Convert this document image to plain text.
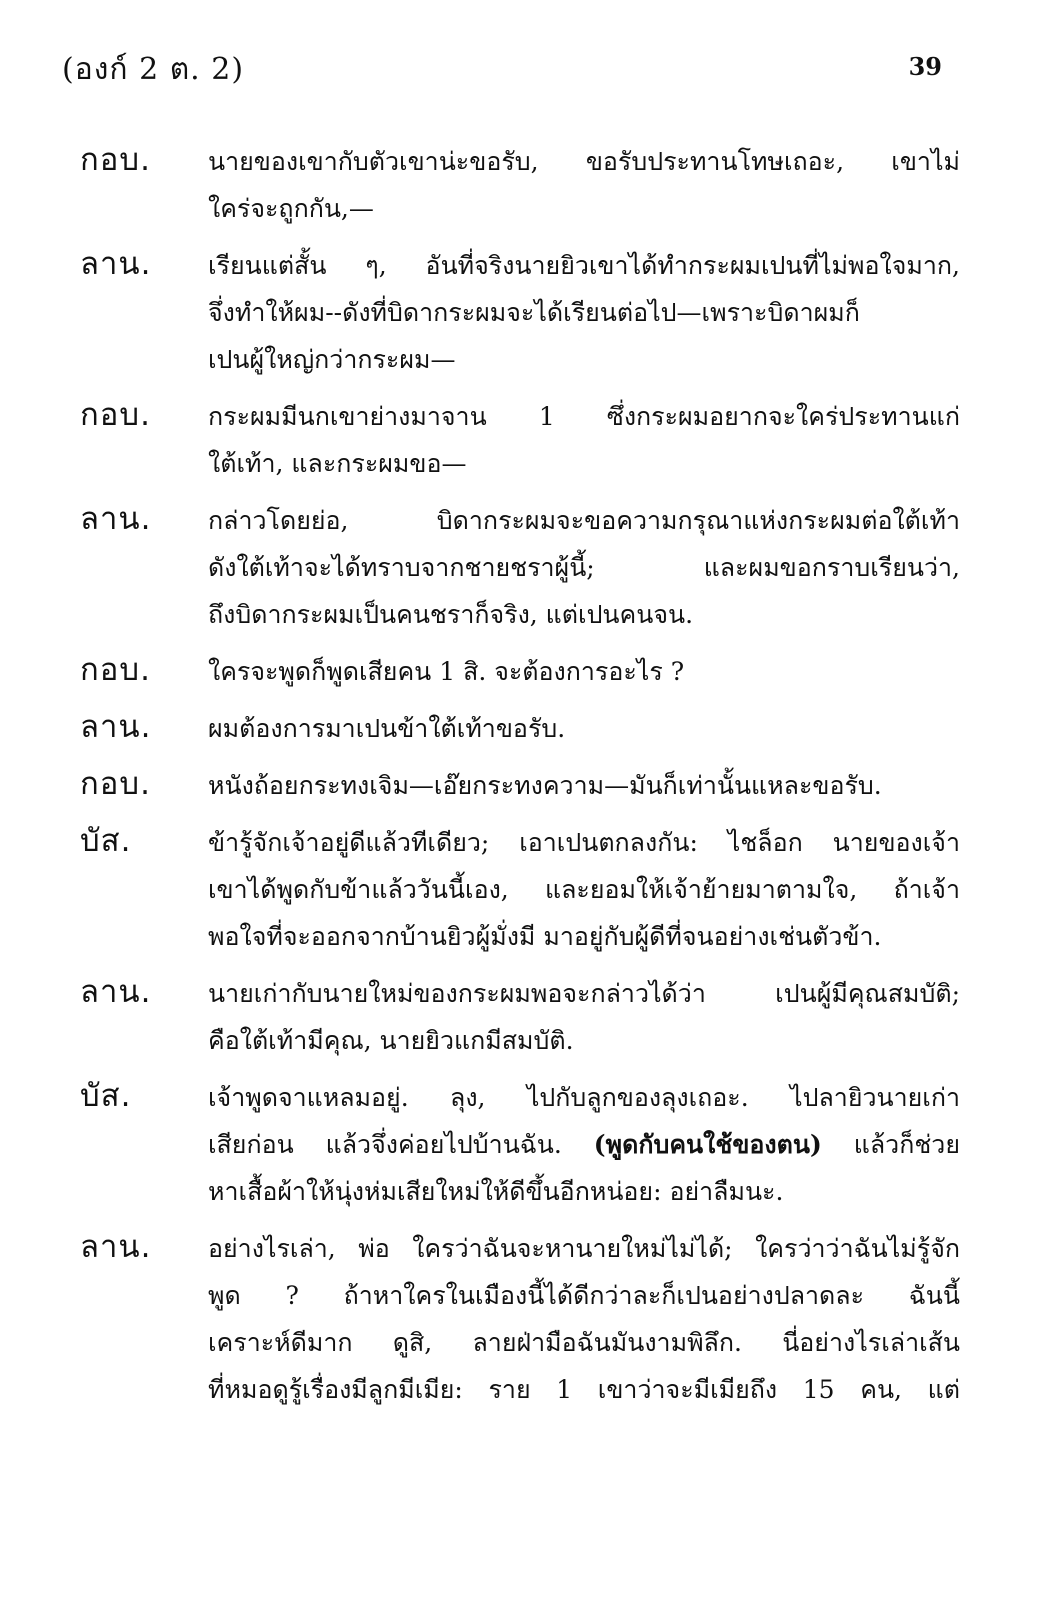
(องก์ 2 ต. 2)	39
กอบ.	นายของเขากับตัวเขาน่ะขอรับ, ขอรับประทานโทษเถอะ, เขาไม่
ใคร่จะถูกกัน,—
ลาน.	เรียนแต่สั้น ๆ, อันที่จริงนายยิวเขาได้ทำกระผมเปนที่ไม่พอใจมาก,
จึ่งทำให้ผม--ดังที่บิดากระผมจะได้เรียนต่อไป—เพราะบิดาผมก็
เปนผู้ใหญ่กว่ากระผม—
กอบ.	กระผมมีนกเขาย่างมาจาน 1 ซึ่งกระผมอยากจะใคร่ประทานแก่
ใต้เท้า, และกระผมขอ—
ลาน.	กล่าวโดยย่อ, บิดากระผมจะขอความกรุณาแห่งกระผมต่อใต้เท้า
ดังใต้เท้าจะได้ทราบจากชายชราผู้นี้; และผมขอกราบเรียนว่า,
ถึงบิดากระผมเป็นคนชราก็จริง, แต่เปนคนจน.
กอบ.	ใครจะพูดก็พูดเสียคน 1 สิ. จะต้องการอะไร ?
ลาน.	ผมต้องการมาเปนข้าใต้เท้าขอรับ.
กอบ.	หนังถ้อยกระทงเจิม—เอ๊ยกระทงความ—มันก็เท่านั้นแหละขอรับ.
บัส.	ข้ารู้จักเจ้าอยู่ดีแล้วทีเดียว; เอาเปนตกลงกัน: ไชล็อก นายของเจ้า
เขาได้พูดกับข้าแล้ววันนี้เอง, และยอมให้เจ้าย้ายมาตามใจ, ถ้าเจ้า
พอใจที่จะออกจากบ้านยิวผู้มั่งมี มาอยู่กับผู้ดีที่จนอย่างเช่นตัวข้า.
ลาน.	นายเก่ากับนายใหม่ของกระผมพอจะกล่าวได้ว่า เปนผู้มีคุณสมบัติ;
คือใต้เท้ามีคุณ, นายยิวแกมีสมบัติ.
บัส.	เจ้าพูดจาแหลมอยู่. ลุง, ไปกับลูกของลุงเถอะ. ไปลายิวนายเก่า
เสียก่อน แล้วจึ่งค่อยไปบ้านฉัน. (พูดกับคนใช้ของตน) แล้วก็ช่วย
หาเสื้อผ้าให้นุ่งห่มเสียใหม่ให้ดีขึ้นอีกหน่อย: อย่าลืมนะ.
ลาน.	อย่างไรเล่า, พ่อ ใครว่าฉันจะหานายใหม่ไม่ได้; ใครว่าว่าฉันไม่รู้จัก
พูด ? ถ้าหาใครในเมืองนี้ได้ดีกว่าละก็เปนอย่างปลาดละ ฉันนี้
เคราะห์ดีมาก ดูสิ, ลายฝ่ามือฉันมันงามพิลึก. นี่อย่างไรเล่าเส้น
ที่หมอดูรู้เรื่องมีลูกมีเมีย: ราย 1 เขาว่าจะมีเมียถึง 15 คน, แต่
